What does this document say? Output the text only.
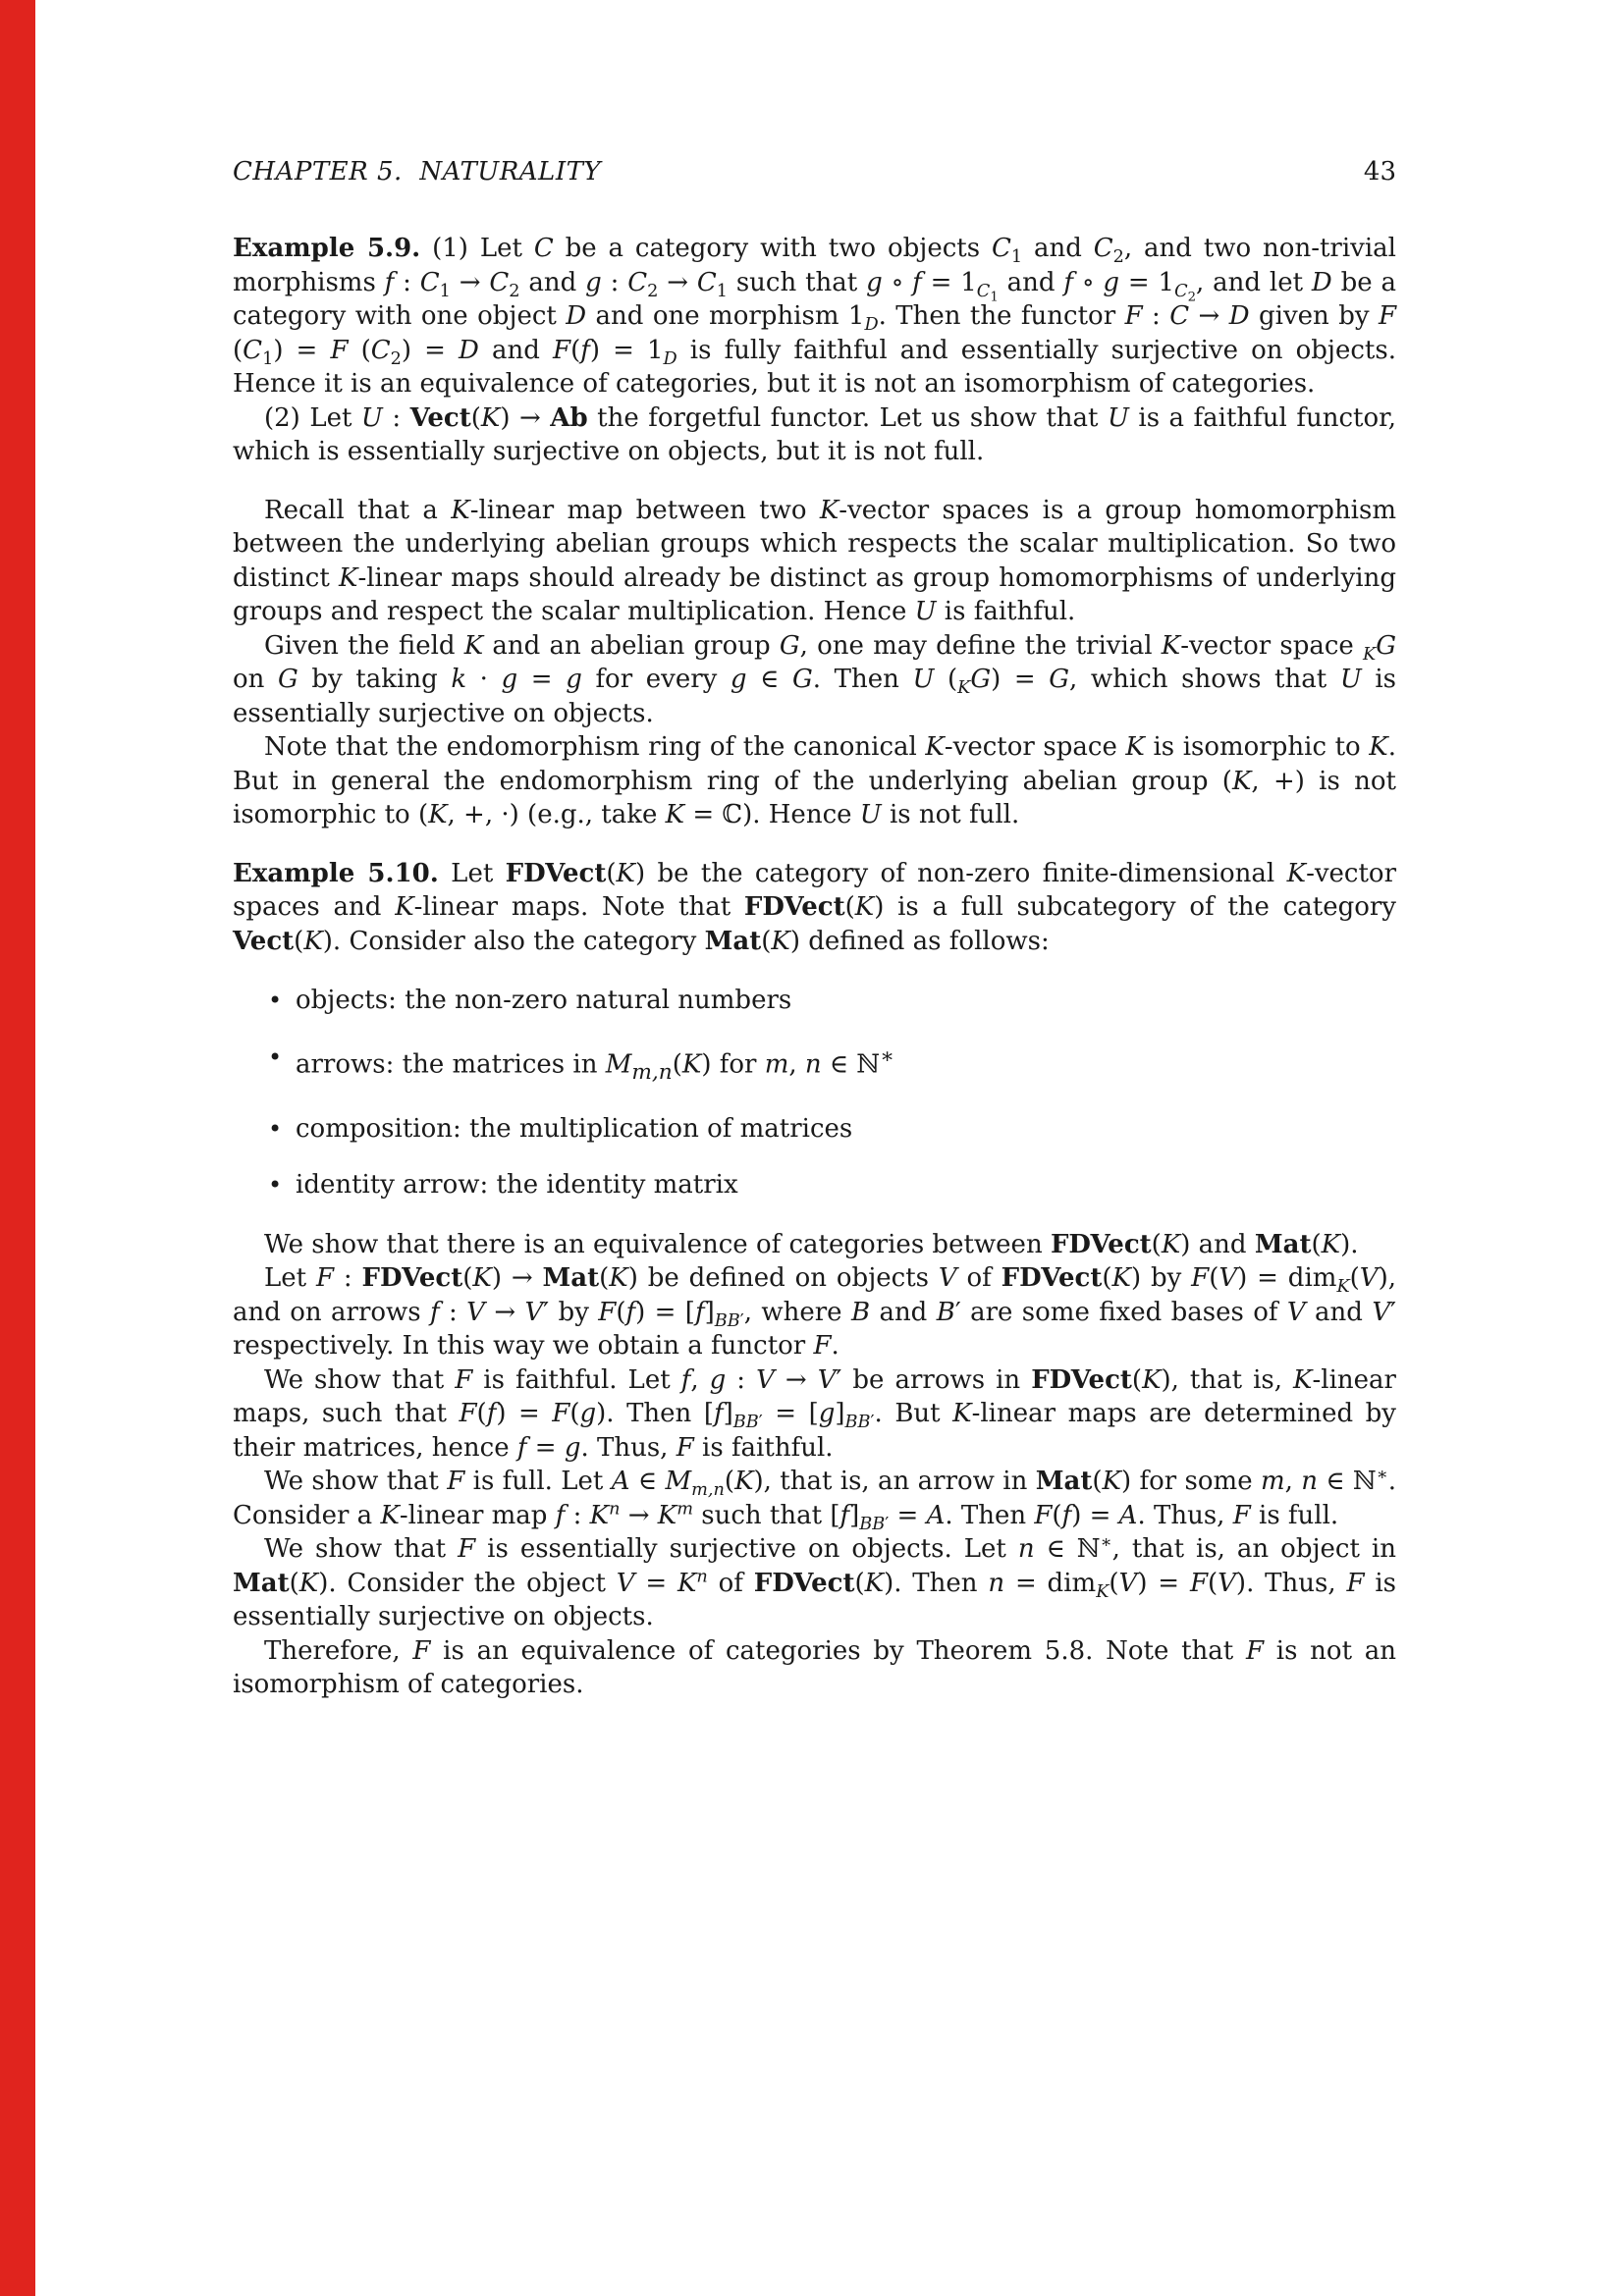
CHAPTER 5.  NATURALITY	43

Example 5.9. (1) Let C be a category with two objects $C_1$ and $C_2$, and two non-trivial morphisms f : $C_1 \to C_2$ and g : $C_2 \to C_1$ such that g ∘ $f = 1_{C_1}$ and f ∘ $g = 1_{C_2}$, and let D be a category with one object D and one morphism $1_D$. Then the functor F : C → D given by F $(C_1) = F$ $(C_2) = D$ and $F(f) = 1_D$ is fully faithful and essentially surjective on objects. Hence it is an equivalence of categories, but it is not an isomorphism of categories.

(2) Let U : Vect(K) → Ab the forgetful functor. Let us show that U is a faithful functor, which is essentially surjective on objects, but it is not full.

Recall that a K-linear map between two K-vector spaces is a group homomorphism between the underlying abelian groups which respects the scalar multiplication. So two distinct K-linear maps should already be distinct as group homomorphisms of underlying groups and respect the scalar multiplication. Hence U is faithful.

Given the field K and an abelian group G, one may define the trivial K-vector space $_K$G on G by taking k · g = g for every g ∈ G. Then U $(_KG) = G$, which shows that U is essentially surjective on objects.

Note that the endomorphism ring of the canonical K-vector space K is isomorphic to K. But in general the endomorphism ring of the underlying abelian group (K, +) is not isomorphic to (K, +, ·) (e.g., take K = ℂ). Hence U is not full.

Example 5.10. Let FDVect(K) be the category of non-zero finite-dimensional K-vector spaces and K-linear maps. Note that FDVect(K) is a full subcategory of the category Vect(K). Consider also the category Mat(K) defined as follows:

• objects: the non-zero natural numbers
• arrows: the matrices in $M_{m,n}(K)$ for m, n ∈ ℕ∗
• composition: the multiplication of matrices
• identity arrow: the identity matrix

We show that there is an equivalence of categories between FDVect(K) and Mat(K).

Let F : FDVect(K) → Mat(K) be defined on objects V of FDVect(K) by F(V) = dim$_K$(V), and on arrows f : V → V′ by $F(f) = [f]_{BB'}$, where B and B′ are some fixed bases of V and V′ respectively. In this way we obtain a functor F.

We show that F is faithful. Let f, g : V → V′ be arrows in FDVect(K), that is, K-linear maps, such that F(f) = F(g). Then $[f]_{BB'} = [g]_{BB'}$. But K-linear maps are determined by their matrices, hence f = g. Thus, F is faithful.

We show that F is full. Let A ∈ $M_{m,n}(K)$, that is, an arrow in Mat(K) for some m, n ∈ ℕ∗. Consider a K-linear map f : $K^n \to K^m$ such that $[f]_{BB'} = A$. Then F(f) = A. Thus, F is full.

We show that F is essentially surjective on objects. Let n ∈ ℕ∗, that is, an object in Mat(K). Consider the object $V = K^n$ of FDVect(K). Then n = dim$_K$(V) = F(V). Thus, F is essentially surjective on objects.

Therefore, F is an equivalence of categories by Theorem 5.8. Note that F is not an isomorphism of categories.
